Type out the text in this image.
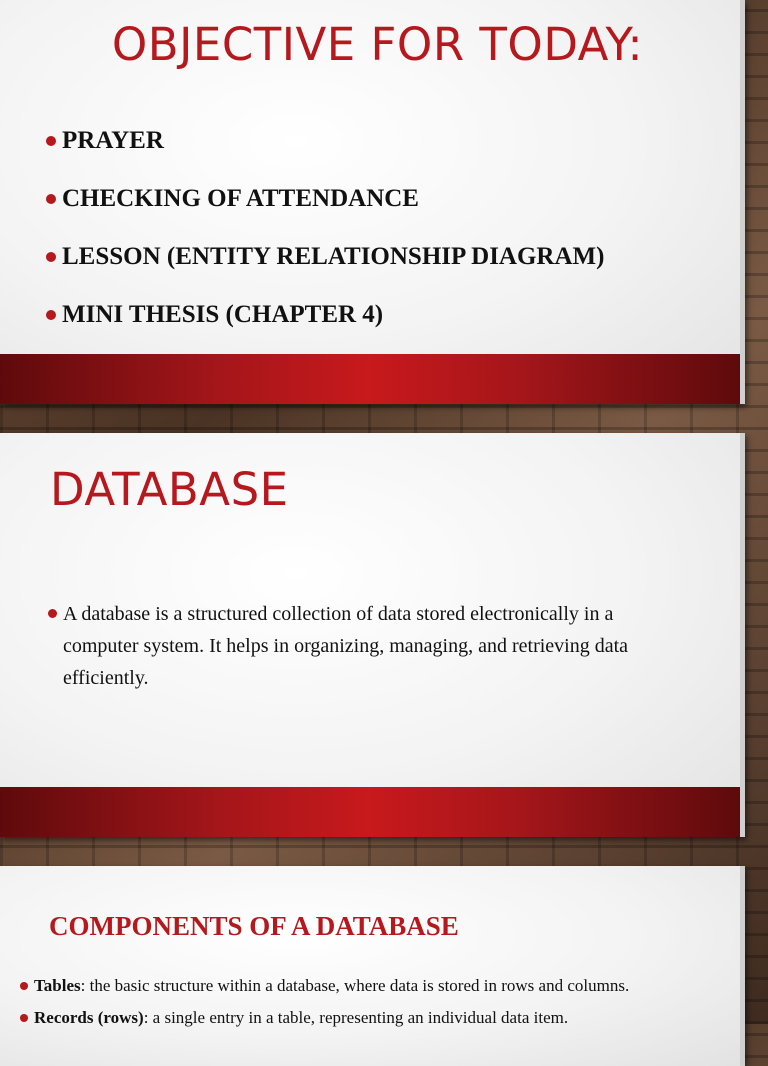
OBJECTIVE FOR TODAY:
PRAYER
CHECKING OF ATTENDANCE
LESSON (ENTITY RELATIONSHIP DIAGRAM)
MINI THESIS (CHAPTER 4)
DATABASE
A database is a structured collection of data stored electronically in a computer system. It helps in organizing, managing, and retrieving data efficiently.
COMPONENTS OF A DATABASE
Tables: the basic structure within a database, where data is stored in rows and columns.
Records (rows): a single entry in a table, representing an individual data item.
